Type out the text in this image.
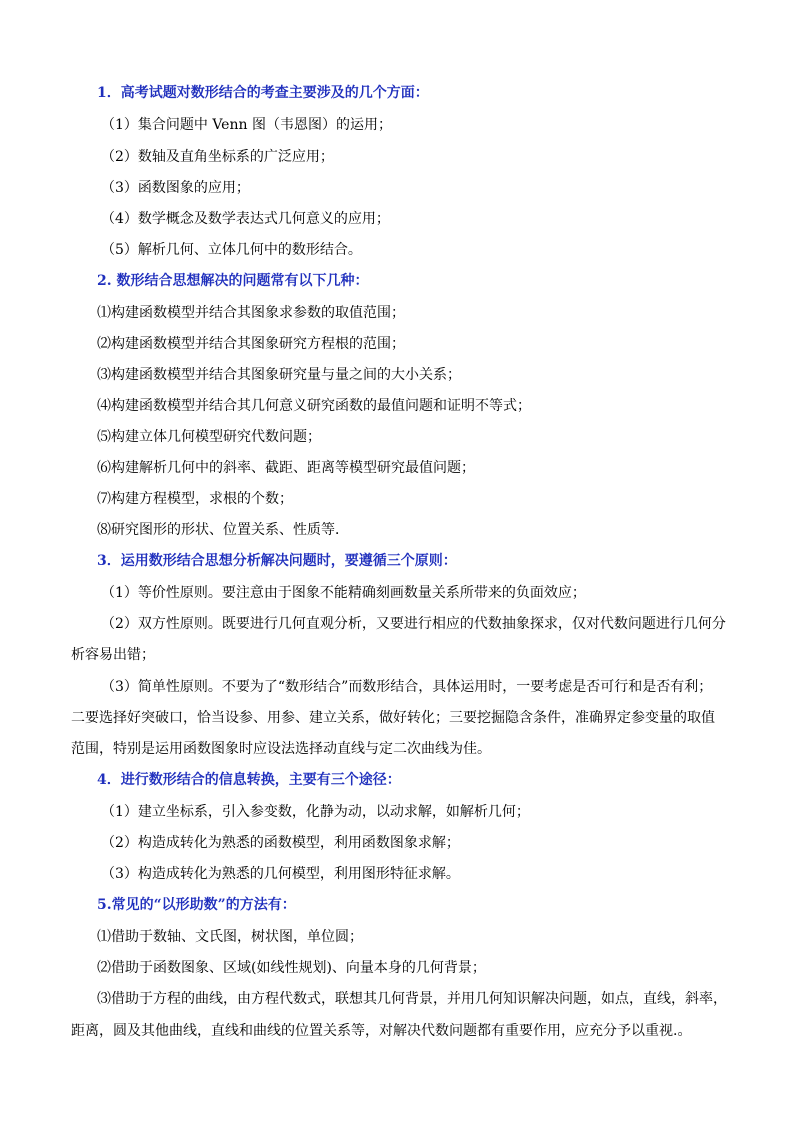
1．高考试题对数形结合的考查主要涉及的几个方面：
（1）集合问题中 Venn 图（韦恩图）的运用；
（2）数轴及直角坐标系的广泛应用；
（3）函数图象的应用；
（4）数学概念及数学表达式几何意义的应用；
（5）解析几何、立体几何中的数形结合。
2. 数形结合思想解决的问题常有以下几种：
⑴构建函数模型并结合其图象求参数的取值范围；
⑵构建函数模型并结合其图象研究方程根的范围；
⑶构建函数模型并结合其图象研究量与量之间的大小关系；
⑷构建函数模型并结合其几何意义研究函数的最值问题和证明不等式；
⑸构建立体几何模型研究代数问题；
⑹构建解析几何中的斜率、截距、距离等模型研究最值问题；
⑺构建方程模型，求根的个数；
⑻研究图形的形状、位置关系、性质等．
3．运用数形结合思想分析解决问题时，要遵循三个原则：
（1）等价性原则。要注意由于图象不能精确刻画数量关系所带来的负面效应；
（2）双方性原则。既要进行几何直观分析，又要进行相应的代数抽象探求，仅对代数问题进行几何分
析容易出错；
（3）简单性原则。不要为了“数形结合”而数形结合，具体运用时，一要考虑是否可行和是否有利；
二要选择好突破口，恰当设参、用参、建立关系，做好转化；三要挖掘隐含条件，准确界定参变量的取值
范围，特别是运用函数图象时应设法选择动直线与定二次曲线为佳。
4．进行数形结合的信息转换，主要有三个途径：
（1）建立坐标系，引入参变数，化静为动，以动求解，如解析几何；
（2）构造成转化为熟悉的函数模型，利用函数图象求解；
（3）构造成转化为熟悉的几何模型，利用图形特征求解。
5.常见的“以形助数”的方法有：
⑴借助于数轴、文氏图，树状图，单位圆；
⑵借助于函数图象、区域(如线性规划)、向量本身的几何背景；
⑶借助于方程的曲线，由方程代数式，联想其几何背景，并用几何知识解决问题，如点，直线，斜率，
距离，圆及其他曲线，直线和曲线的位置关系等，对解决代数问题都有重要作用，应充分予以重视.。
